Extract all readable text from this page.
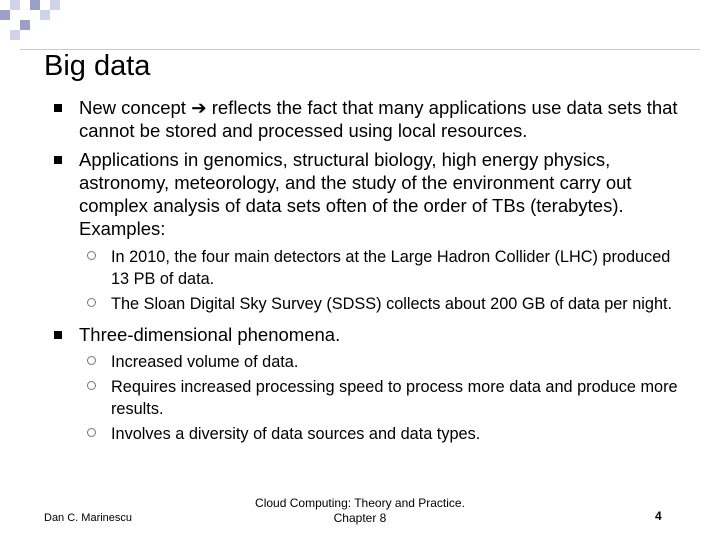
Big data
New concept ➔ reflects the fact that many applications use data sets that cannot be stored and processed using local resources.
Applications in genomics, structural biology, high energy physics, astronomy, meteorology, and the study of the environment carry out complex analysis of data sets often of the order of TBs (terabytes). Examples:
In 2010, the four main detectors at the Large Hadron Collider (LHC) produced 13 PB of data.
The Sloan Digital Sky Survey (SDSS) collects about 200 GB of data per night.
Three-dimensional phenomena.
Increased volume of data.
Requires increased processing speed to process more data and produce more results.
Involves a diversity of data sources and data types.
Dan C. Marinescu
Cloud Computing: Theory and Practice.
Chapter 8	4
